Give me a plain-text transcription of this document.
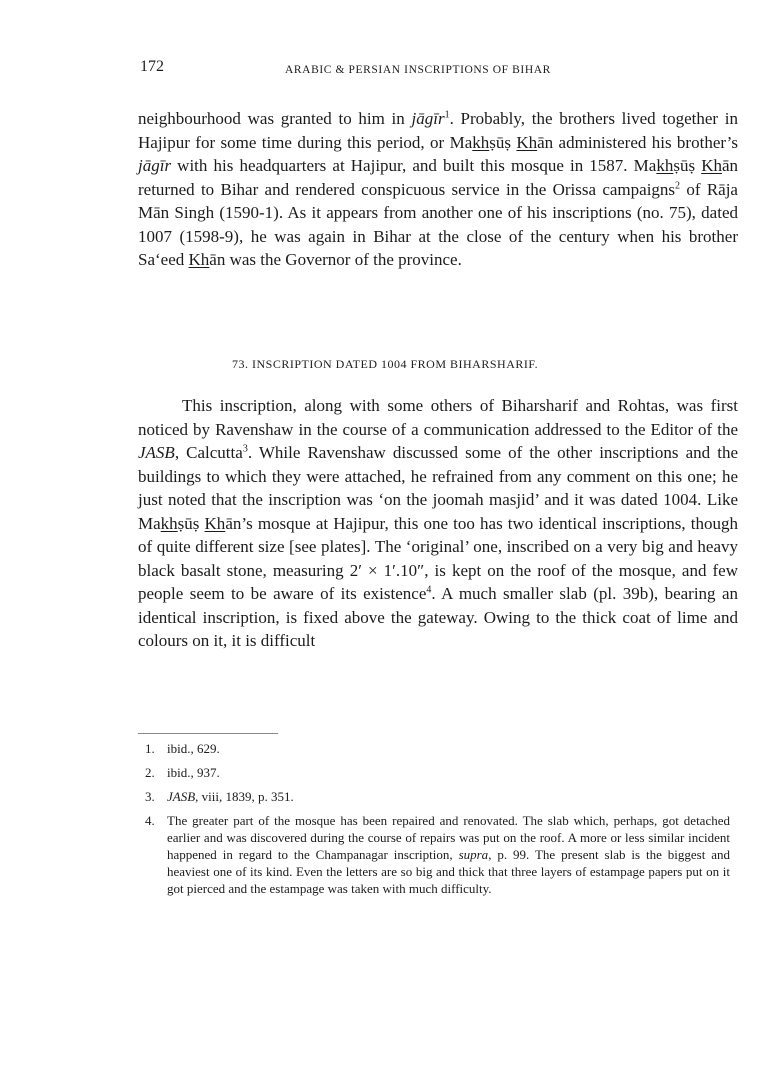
172	ARABIC & PERSIAN INSCRIPTIONS OF BIHAR
neighbourhood was granted to him in jāgīr$^1$. Probably, the brothers lived together in Hajipur for some time during this period, or Makhṣūṣ Khān administered his brother’s jāgīr with his headquarters at Hajipur, and built this mosque in 1587. Makhṣūṣ Khān returned to Bihar and rendered conspicuous service in the Orissa campaigns$^2$ of Rāja Mān Singh (1590-1). As it appears from another one of his inscriptions (no. 75), dated 1007 (1598-9), he was again in Bihar at the close of the century when his brother Sa‘eed Khān was the Governor of the province.
73. INSCRIPTION DATED 1004 FROM BIHARSHARIF.
This inscription, along with some others of Biharsharif and Rohtas, was first noticed by Ravenshaw in the course of a communication addressed to the Editor of the JASB, Calcutta$^3$. While Ravenshaw discussed some of the other inscriptions and the buildings to which they were attached, he refrained from any comment on this one; he just noted that the inscription was ‘on the joomah masjid’ and it was dated 1004. Like Makhṣūṣ Khān’s mosque at Hajipur, this one too has two identical inscriptions, though of quite different size [see plates]. The ‘original’ one, inscribed on a very big and heavy black basalt stone, measuring 2′ × 1′.10″, is kept on the roof of the mosque, and few people seem to be aware of its existence$^4$. A much smaller slab (pl. 39b), bearing an identical inscription, is fixed above the gateway. Owing to the thick coat of lime and colours on it, it is difficult
1. ibid., 629.
2. ibid., 937.
3. JASB, viii, 1839, p. 351.
4. The greater part of the mosque has been repaired and renovated. The slab which, perhaps, got detached earlier and was discovered during the course of repairs was put on the roof. A more or less similar incident happened in regard to the Champanagar inscription, supra, p. 99. The present slab is the biggest and heaviest one of its kind. Even the letters are so big and thick that three layers of estampage papers put on it got pierced and the estampage was taken with much difficulty.
